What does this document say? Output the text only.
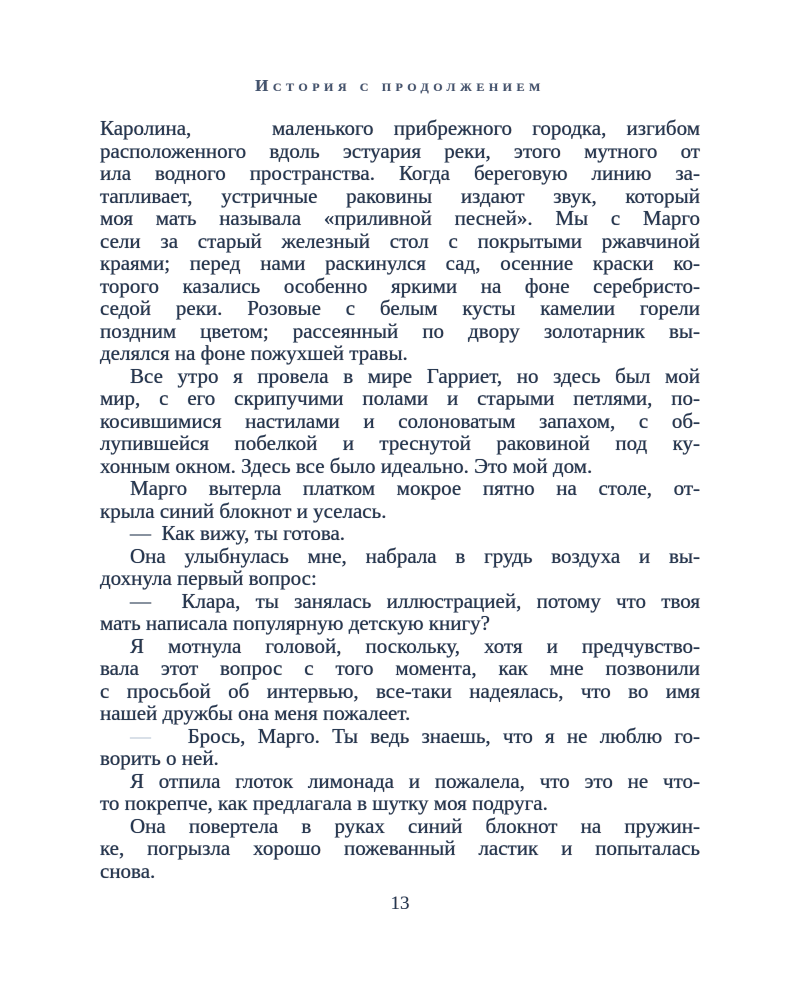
История с продолжением
Каролина,    маленького прибрежного городка, изгибом
расположенного вдоль эстуария реки, этого мутного от
ила водного пространства. Когда береговую линию за-
тапливает, устричные раковины издают звук, который
моя мать называла «приливной песней». Мы с Марго
сели за старый железный стол с покрытыми ржавчиной
краями; перед нами раскинулся сад, осенние краски ко-
торого казались особенно яркими на фоне серебристо-
седой реки. Розовые с белым кусты камелии горели
поздним цветом; рассеянный по двору золотарник вы-
делялся на фоне пожухшей травы.
Все утро я провела в мире Гарриет, но здесь был мой
мир, с его скрипучими полами и старыми петлями, по-
косившимися настилами и солоноватым запахом, с об-
лупившейся побелкой и треснутой раковиной под ку-
хонным окном. Здесь все было идеально. Это мой дом.
Марго вытерла платком мокрое пятно на столе, от-
крыла синий блокнот и уселась.
—  Как вижу, ты готова.
Она улыбнулась мне, набрала в грудь воздуха и вы-
дохнула первый вопрос:
—  Клара, ты занялась иллюстрацией, потому что твоя
мать написала популярную детскую книгу?
Я мотнула головой, поскольку, хотя и предчувство-
вала этот вопрос с того момента, как мне позвонили
с просьбой об интервью, все-таки надеялась, что во имя
нашей дружбы она меня пожалеет.
—   Брось, Марго. Ты ведь знаешь, что я не люблю го-
ворить о ней.
Я отпила глоток лимонада и пожалела, что это не что-
то покрепче, как предлагала в шутку моя подруга.
Она повертела в руках синий блокнот на пружин-
ке, погрызла хорошо пожеванный ластик и попыталась
снова.
13
